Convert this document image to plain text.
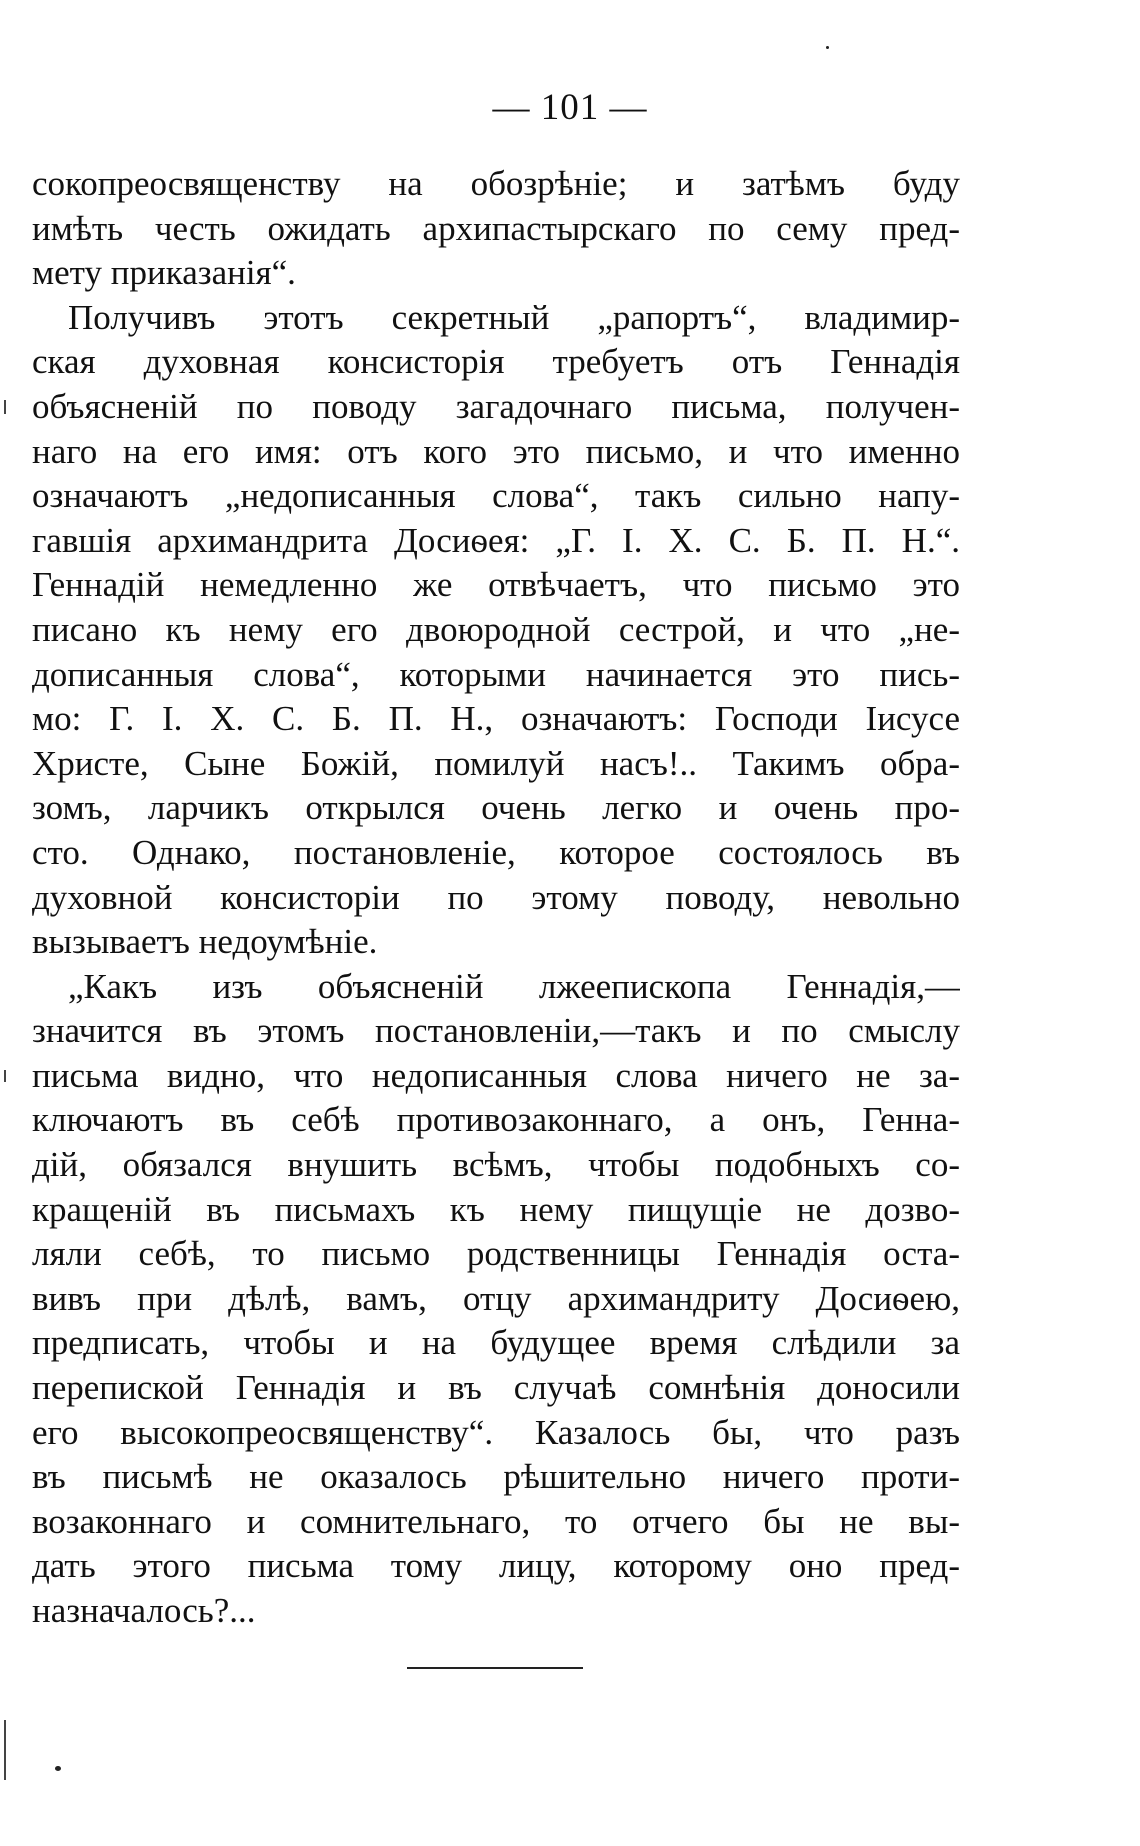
— 101 —
сокопреосвященству на обозрѣніе; и затѣмъ буду
имѣть честь ожидать архипастырскаго по сему пред-
мету приказанія“.
Получивъ этотъ секретный „рапортъ“, владимир-
ская духовная консисторія требуетъ отъ Геннадія
объясненій по поводу загадочнаго письма, получен-
наго на его имя: отъ кого это письмо, и что именно
означаютъ „недописанныя слова“, такъ сильно напу-
гавшія архимандрита Досиѳея: „Г. І. Х. С. Б. П. Н.“.
Геннадій немедленно же отвѣчаетъ, что письмо это
писано къ нему его двоюродной сестрой, и что „не-
дописанныя слова“, которыми начинается это пись-
мо: Г. І. Х. С. Б. П. Н., означаютъ: Господи Іисусе
Христе, Сыне Божій, помилуй насъ!.. Такимъ обра-
зомъ, ларчикъ открылся очень легко и очень про-
сто. Однако, постановленіе, которое состоялось въ
духовной консисторіи по этому поводу, невольно
вызываетъ недоумѣніе.
„Какъ изъ объясненій лжеепископа Геннадія,—
значится въ этомъ постановленіи,—такъ и по смыслу
письма видно, что недописанныя слова ничего не за-
ключаютъ въ себѣ противозаконнаго, а онъ, Генна-
дій, обязался внушить всѣмъ, чтобы подобныхъ со-
кращеній въ письмахъ къ нему пищущіе не дозво-
ляли себѣ, то письмо родственницы Геннадія оста-
вивъ при дѣлѣ, вамъ, отцу архимандриту Досиѳею,
предписать, чтобы и на будущее время слѣдили за
перепиской Геннадія и въ случаѣ сомнѣнія доносили
его высокопреосвященству“. Казалось бы, что разъ
въ письмѣ не оказалось рѣшительно ничего проти-
возаконнаго и сомнительнаго, то отчего бы не вы-
дать этого письма тому лицу, которому оно пред-
назначалось?...
